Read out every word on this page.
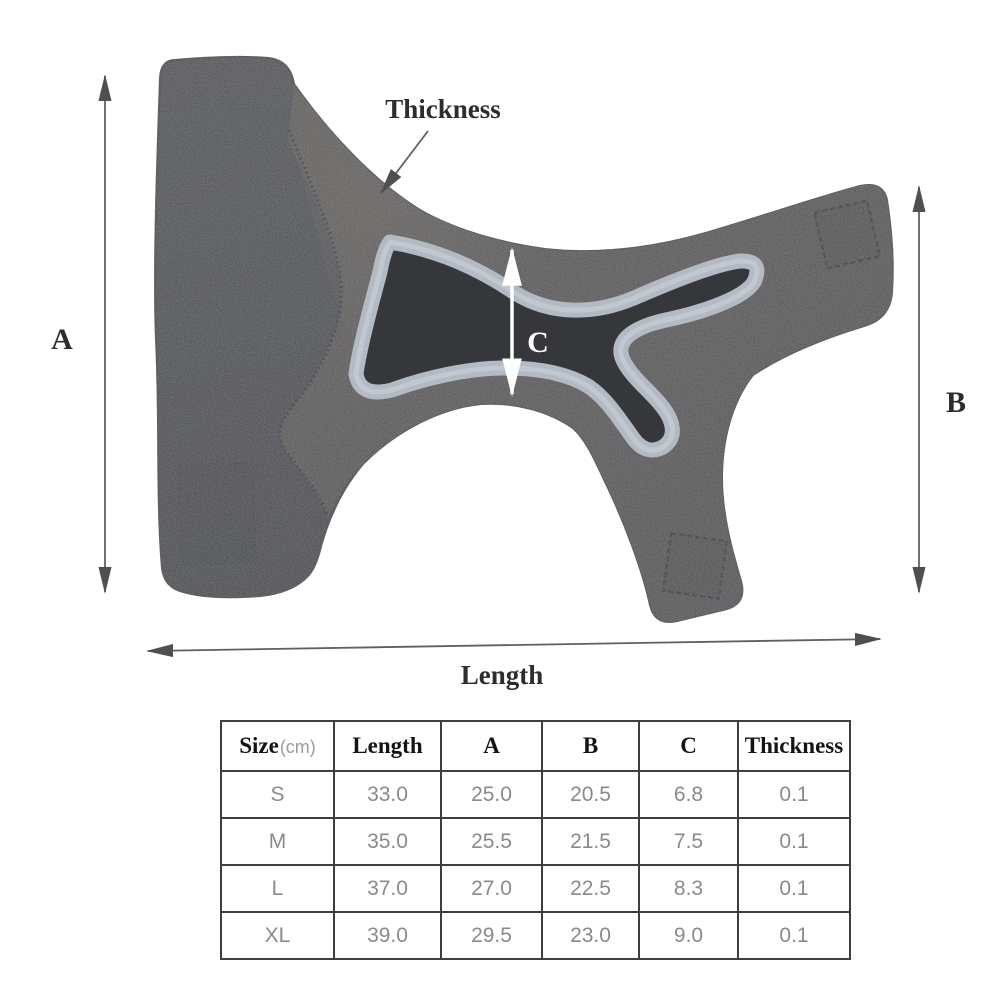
A
B
Length
Thickness
C
Size(cm)	Length	A	B	C	Thickness
S	33.0	25.0	20.5	6.8	0.1
M	35.0	25.5	21.5	7.5	0.1
L	37.0	27.0	22.5	8.3	0.1
XL	39.0	29.5	23.0	9.0	0.1
